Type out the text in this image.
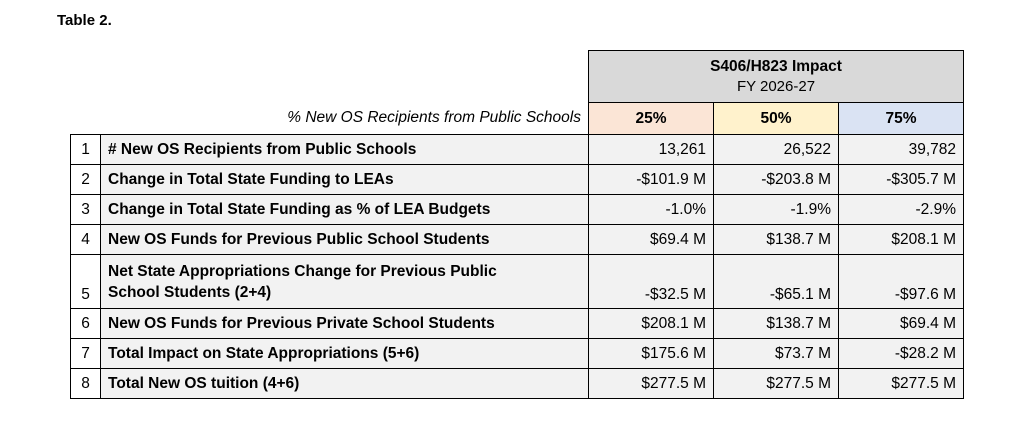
Table 2.

		S406/H823 Impact
FY 2026-27		

	% New OS Recipients from Public Schools	25%	50%	75%
1	# New OS Recipients from Public Schools	13,261	26,522	39,782
2	Change in Total State Funding to LEAs	-$101.9 M	-$203.8 M	-$305.7 M
3	Change in Total State Funding as % of LEA Budgets	-1.0%	-1.9%	-2.9%
4	New OS Funds for Previous Public School Students	$69.4 M	$138.7 M	$208.1 M
5	Net State Appropriations Change for Previous Public
School Students (2+4)	-$32.5 M	-$65.1 M	-$97.6 M
6	New OS Funds for Previous Private School Students	$208.1 M	$138.7 M	$69.4 M
7	Total Impact on State Appropriations (5+6)	$175.6 M	$73.7 M	-$28.2 M
8	Total New OS tuition (4+6)	$277.5 M	$277.5 M	$277.5 M
